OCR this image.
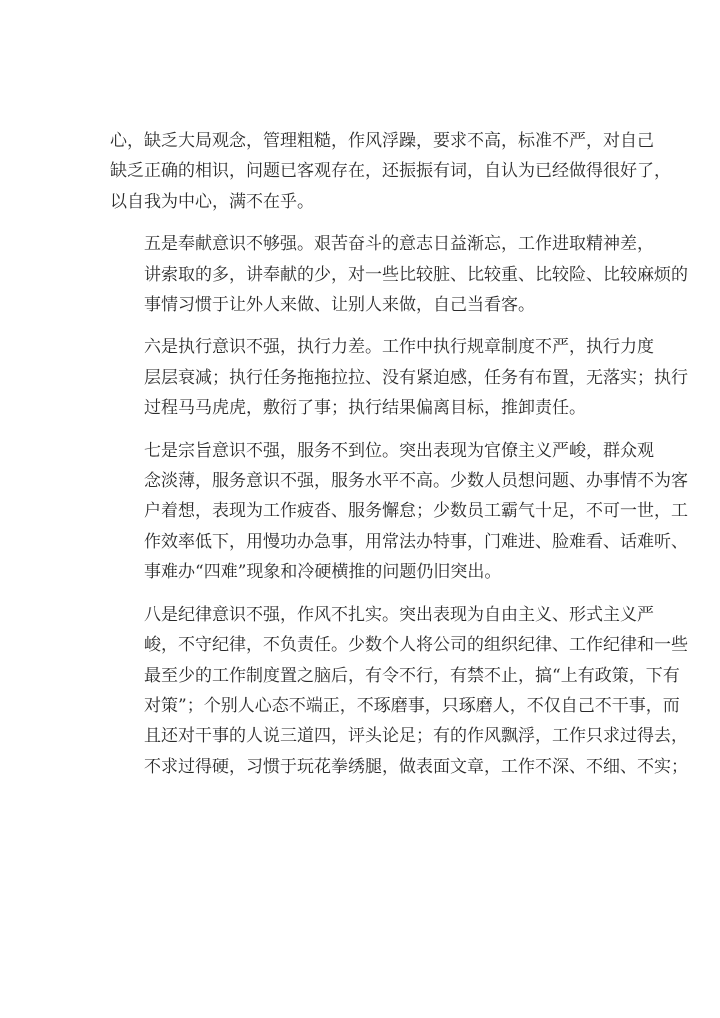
心，缺乏大局观念，管理粗糙，作风浮躁，要求不高，标准不严，对自己
缺乏正确的相识，问题已客观存在，还振振有词，自认为已经做得很好了，
以自我为中心，满不在乎。

五是奉献意识不够强。艰苦奋斗的意志日益渐忘，工作进取精神差，
讲索取的多，讲奉献的少，对一些比较脏、比较重、比较险、比较麻烦的
事情习惯于让外人来做、让别人来做，自己当看客。

六是执行意识不强，执行力差。工作中执行规章制度不严，执行力度
层层衰减；执行任务拖拖拉拉、没有紧迫感，任务有布置，无落实；执行
过程马马虎虎，敷衍了事；执行结果偏离目标，推卸责任。

七是宗旨意识不强，服务不到位。突出表现为官僚主义严峻，群众观
念淡薄，服务意识不强，服务水平不高。少数人员想问题、办事情不为客
户着想，表现为工作疲沓、服务懈怠；少数员工霸气十足，不可一世，工
作效率低下，用慢功办急事，用常法办特事，门难进、脸难看、话难听、
事难办“四难”现象和冷硬横推的问题仍旧突出。

八是纪律意识不强，作风不扎实。突出表现为自由主义、形式主义严
峻，不守纪律，不负责任。少数个人将公司的组织纪律、工作纪律和一些
最至少的工作制度置之脑后，有令不行，有禁不止，搞“上有政策，下有
对策”；个别人心态不端正，不琢磨事，只琢磨人，不仅自己不干事，而
且还对干事的人说三道四，评头论足；有的作风飘浮，工作只求过得去，
不求过得硬，习惯于玩花拳绣腿，做表面文章，工作不深、不细、不实；
